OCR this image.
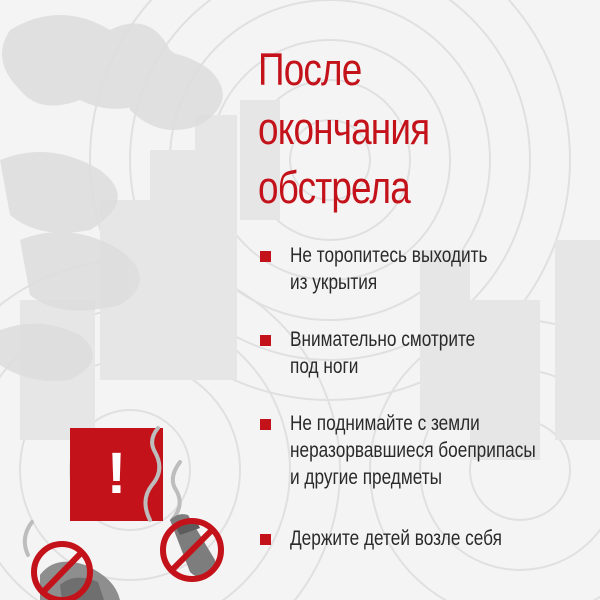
После
окончания
обстрела
Не торопитесь выходить
из укрытия
Внимательно смотрите
под ноги
Не поднимайте с земли
неразорвавшиеся боеприпасы
и другие предметы
Держите детей возле себя
!
